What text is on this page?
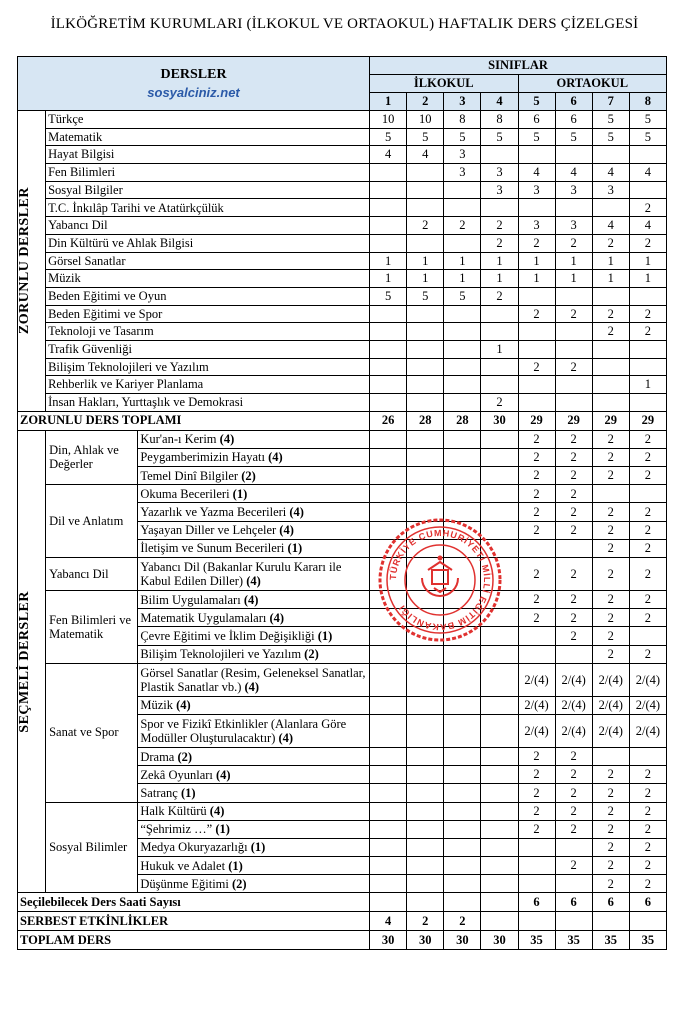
İLKÖĞRETİM KURUMLARI (İLKOKUL VE ORTAOKUL) HAFTALIK DERS ÇİZELGESİ
DERSLER
sosyalciniz.net			SINIFLAR							
			İLKOKUL				ORTAOKUL			
			1	2	3	4	5	6	7	8

ZORUNLU DERSLER	Türkçe		10	10	8	8	6	6	5	5
	Matematik		5	5	5	5	5	5	5	5
	Hayat Bilgisi		4	4	3					
	Fen Bilimleri				3	3	4	4	4	4
	Sosyal Bilgiler					3	3	3	3	
	T.C. İnkılâp Tarihi ve Atatürkçülük									2
	Yabancı Dil			2	2	2	3	3	4	4
	Din Kültürü ve Ahlak Bilgisi					2	2	2	2	2
	Görsel Sanatlar		1	1	1	1	1	1	1	1
	Müzik		1	1	1	1	1	1	1	1
	Beden Eğitimi ve Oyun		5	5	5	2				
	Beden Eğitimi ve Spor						2	2	2	2
	Teknoloji ve Tasarım								2	2
	Trafik Güvenliği					1				
	Bilişim Teknolojileri ve Yazılım						2	2		
	Rehberlik ve Kariyer Planlama									1
	İnsan Hakları, Yurttaşlık ve Demokrasi					2				
ZORUNLU DERS TOPLAMI			26	28	28	30	29	29	29	29

SEÇMELİ DERSLER	Din, Ahlak ve Değerler	Kur'an-ı Kerim (4)					2	2	2	2
		Peygamberimizin Hayatı (4)					2	2	2	2
		Temel Dinî Bilgiler (2)					2	2	2	2
	Dil ve Anlatım	Okuma Becerileri (1)					2	2		
		Yazarlık ve Yazma Becerileri (4)					2	2	2	2
		Yaşayan Diller ve Lehçeler (4)					2	2	2	2
		İletişim ve Sunum Becerileri (1)							2	2
	Yabancı Dil	Yabancı Dil (Bakanlar Kurulu Kararı ile Kabul Edilen Diller) (4)					2	2	2	2
	Fen Bilimleri ve Matematik	Bilim Uygulamaları (4)					2	2	2	2
		Matematik Uygulamaları (4)					2	2	2	2
		Çevre Eğitimi ve İklim Değişikliği (1)						2	2	
		Bilişim Teknolojileri ve Yazılım (2)							2	2
	Sanat ve Spor	Görsel Sanatlar (Resim, Geleneksel Sanatlar, Plastik Sanatlar vb.) (4)					2/(4)	2/(4)	2/(4)	2/(4)
		Müzik (4)					2/(4)	2/(4)	2/(4)	2/(4)
		Spor ve Fizikî Etkinlikler (Alanlara Göre Modüller Oluşturulacaktır) (4)					2/(4)	2/(4)	2/(4)	2/(4)
		Drama (2)					2	2		
		Zekâ Oyunları (4)					2	2	2	2
		Satranç (1)					2	2	2	2
	Sosyal Bilimler	Halk Kültürü (4)					2	2	2	2
		“Şehrimiz …” (1)					2	2	2	2
		Medya Okuryazarlığı (1)							2	2
		Hukuk ve Adalet (1)						2	2	2
		Düşünme Eğitimi (2)							2	2
Seçilebilecek Ders Saati Sayısı							6	6	6	6
SERBEST ETKİNLİKLER			4	2	2					
TOPLAM DERS			30	30	30	30	35	35	35	35
TÜRKİYE CUMHURİYETİ MİLLİ EĞİTİM BAKANLIĞI
